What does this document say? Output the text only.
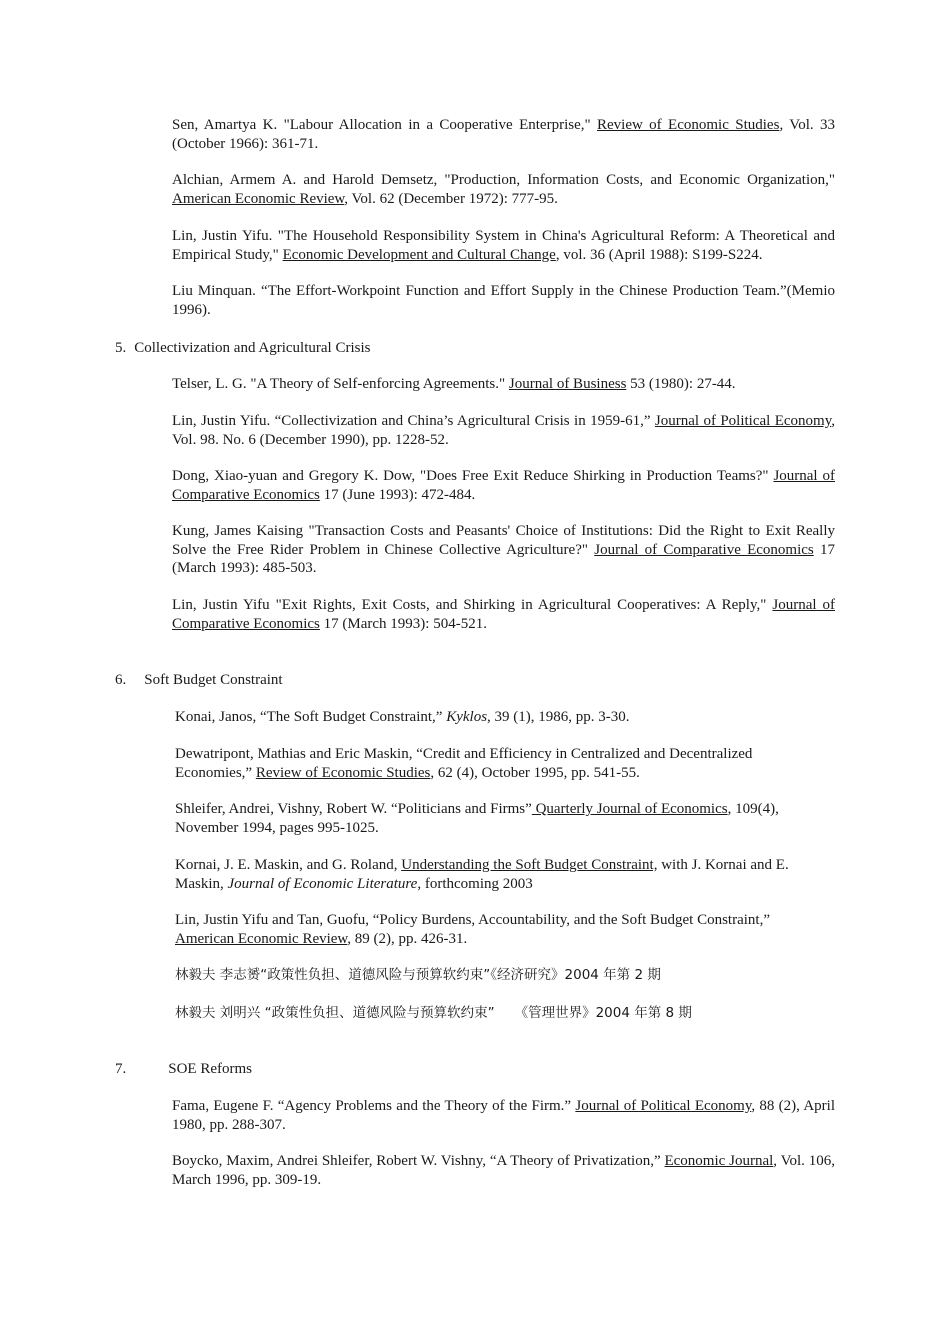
Sen, Amartya K. "Labour Allocation in a Cooperative Enterprise," Review of Economic Studies, Vol. 33 (October 1966): 361-71.

Alchian, Armem A. and Harold Demsetz, "Production, Information Costs, and Economic Organization," American Economic Review, Vol. 62 (December 1972): 777-95.

Lin, Justin Yifu. "The Household Responsibility System in China's Agricultural Reform: A Theoretical and Empirical Study," Economic Development and Cultural Change, vol. 36 (April 1988): S199-S224.

Liu Minquan. “The Effort-Workpoint Function and Effort Supply in the Chinese Production Team.”(Memio 1996).

5. Collectivization and Agricultural Crisis

Telser, L. G. "A Theory of Self-enforcing Agreements." Journal of Business 53 (1980): 27-44.

Lin, Justin Yifu. “Collectivization and China’s Agricultural Crisis in 1959-61,” Journal of Political Economy, Vol. 98. No. 6 (December 1990), pp. 1228-52.

Dong, Xiao-yuan and Gregory K. Dow, "Does Free Exit Reduce Shirking in Production Teams?" Journal of Comparative Economics 17 (June 1993): 472-484.

Kung, James Kaising "Transaction Costs and Peasants' Choice of Institutions: Did the Right to Exit Really Solve the Free Rider Problem in Chinese Collective Agriculture?" Journal of Comparative Economics 17 (March 1993): 485-503.

Lin, Justin Yifu "Exit Rights, Exit Costs, and Shirking in Agricultural Cooperatives: A Reply," Journal of Comparative Economics 17 (March 1993): 504-521.

6. Soft Budget Constraint

Konai, Janos, “The Soft Budget Constraint,” Kyklos, 39 (1), 1986, pp. 3-30.

Dewatripont, Mathias and Eric Maskin, “Credit and Efficiency in Centralized and Decentralized Economies,” Review of Economic Studies, 62 (4), October 1995, pp. 541-55.

Shleifer, Andrei, Vishny, Robert W. “Politicians and Firms” Quarterly Journal of Economics, 109(4), November 1994, pages 995-1025.

Kornai, J. E. Maskin, and G. Roland, Understanding the Soft Budget Constraint, with J. Kornai and E. Maskin, Journal of Economic Literature, forthcoming 2003

Lin, Justin Yifu and Tan, Guofu, “Policy Burdens, Accountability, and the Soft Budget Constraint,” American Economic Review, 89 (2), pp. 426-31.

林毅夫 李志赟“政策性负担、道德风险与预算软约束”《经济研究》2004 年第 2 期

林毅夫 刘明兴 “政策性负担、道德风险与预算软约束” 《管理世界》2004 年第 8 期

7.	SOE Reforms

Fama, Eugene F. “Agency Problems and the Theory of the Firm.” Journal of Political Economy, 88 (2), April 1980, pp. 288-307.

Boycko, Maxim, Andrei Shleifer, Robert W. Vishny, “A Theory of Privatization,” Economic Journal, Vol. 106, March 1996, pp. 309-19.
